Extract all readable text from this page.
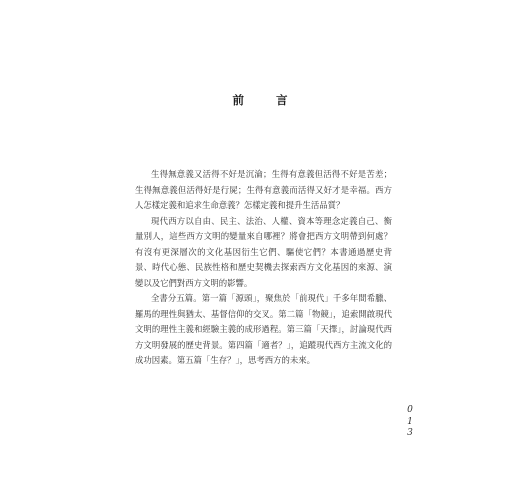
前 言

生得無意義又活得不好是沉淪；生得有意義但活得不好是苦差；生得無意義但活得好是行屍；生得有意義而活得又好才是幸福。西方人怎樣定義和追求生命意義？怎樣定義和提升生活品質？

現代西方以自由、民主、法治、人權、資本等理念定義自己、衡量別人，這些西方文明的變量來自哪裡？將會把西方文明帶到何處？有沒有更深層次的文化基因衍生它們、驅使它們？本書通過歷史背景、時代心態、民族性格和歷史契機去探索西方文化基因的來源、演變以及它們對西方文明的影響。

全書分五篇。第一篇「源頭」，聚焦於「前現代」千多年間希臘、羅馬的理性與猶太、基督信仰的交叉。第二篇「物競」，追索開啟現代文明的理性主義和經驗主義的成形過程。第三篇「天擇」，討論現代西方文明發展的歷史背景。第四篇「適者？」，追蹤現代西方主流文化的成功因素。第五篇「生存？」，思考西方的未來。

0
1
3
